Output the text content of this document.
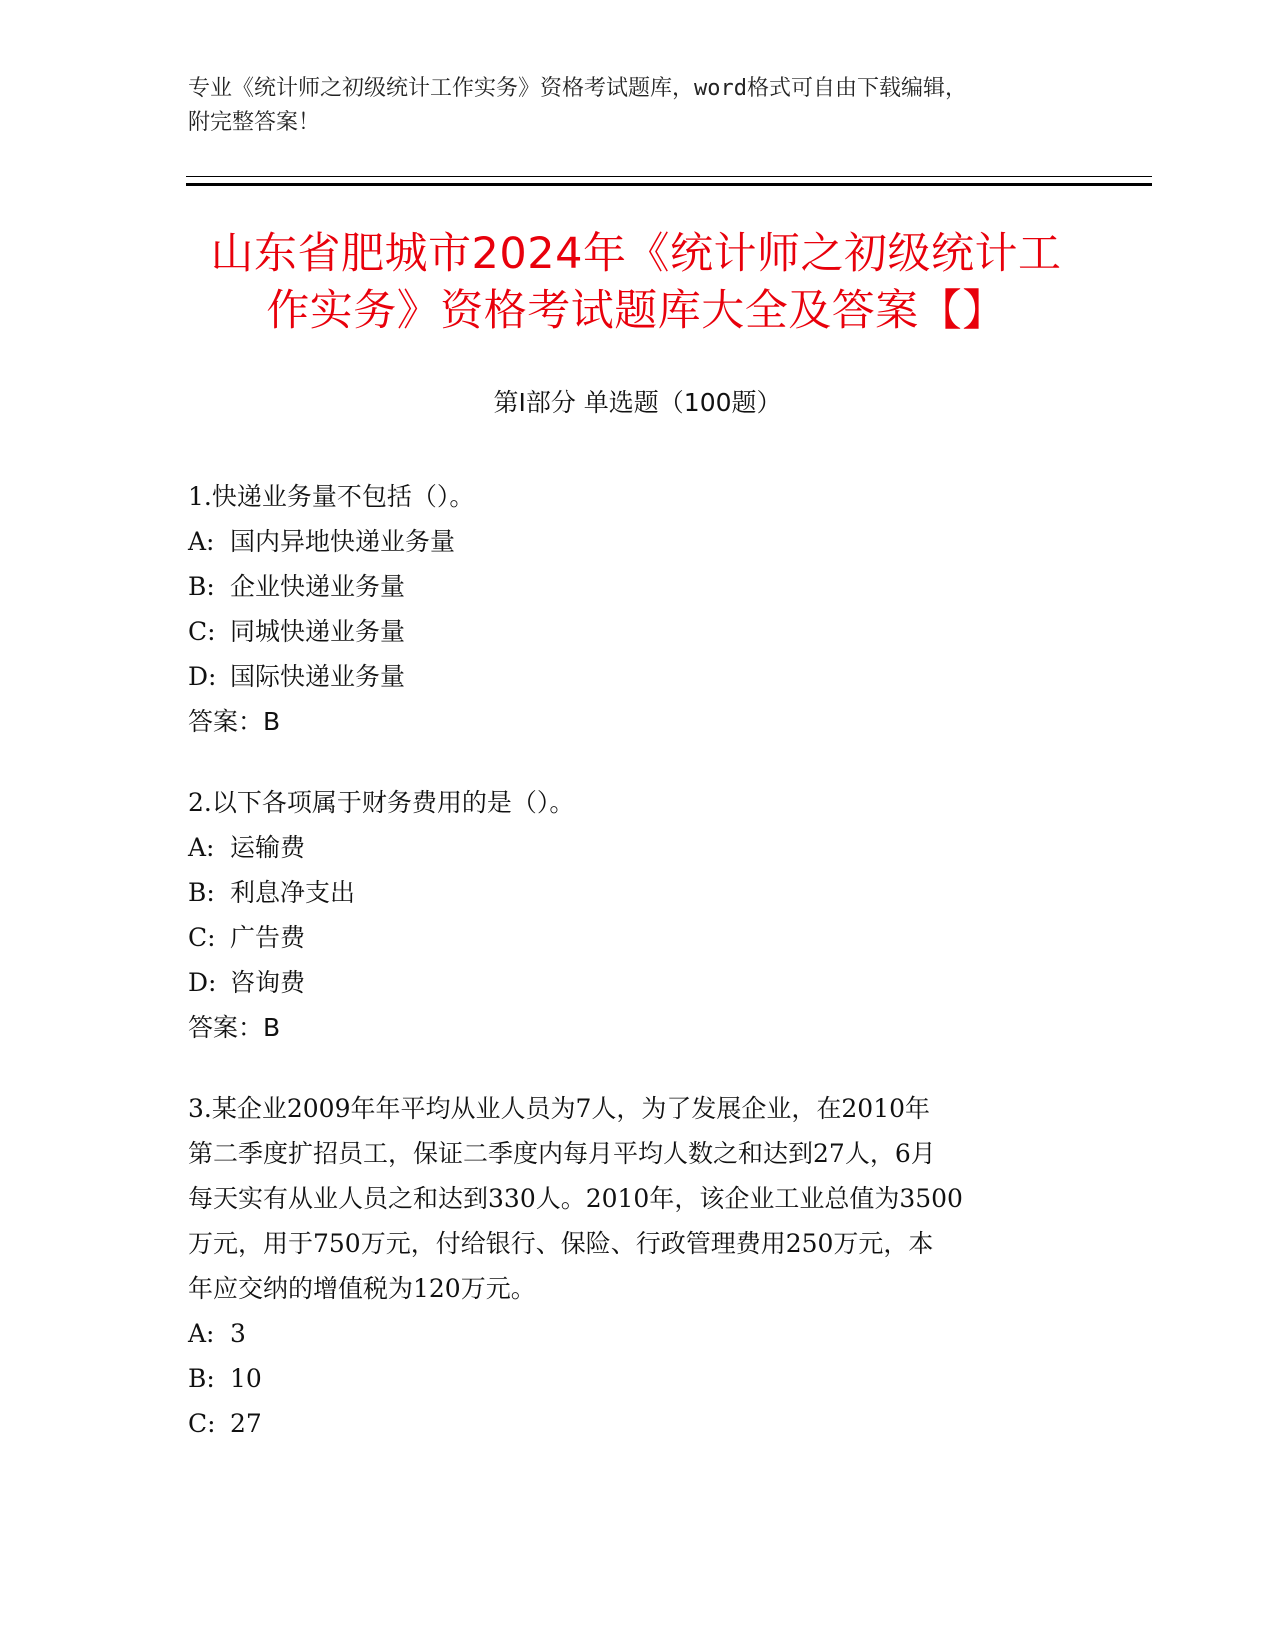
专业《统计师之初级统计工作实务》资格考试题库，word格式可自由下载编辑，
附完整答案！
山东省肥城市2024年《统计师之初级统计工
作实务》资格考试题库大全及答案【】
第I部分 单选题（100题）

1.快递业务量不包括（）。

A: 国内异地快递业务量

B: 企业快递业务量

C: 同城快递业务量

D: 国际快递业务量

答案：B

2.以下各项属于财务费用的是（）。

A: 运输费

B: 利息净支出

C: 广告费

D: 咨询费

答案：B

3.某企业2009年年平均从业人员为7人，为了发展企业，在2010年

第二季度扩招员工，保证二季度内每月平均人数之和达到27人，6月

每天实有从业人员之和达到330人。2010年，该企业工业总值为3500

万元，用于750万元，付给银行、保险、行政管理费用250万元，本

年应交纳的增值税为120万元。

A: 3

B: 10

C: 27
